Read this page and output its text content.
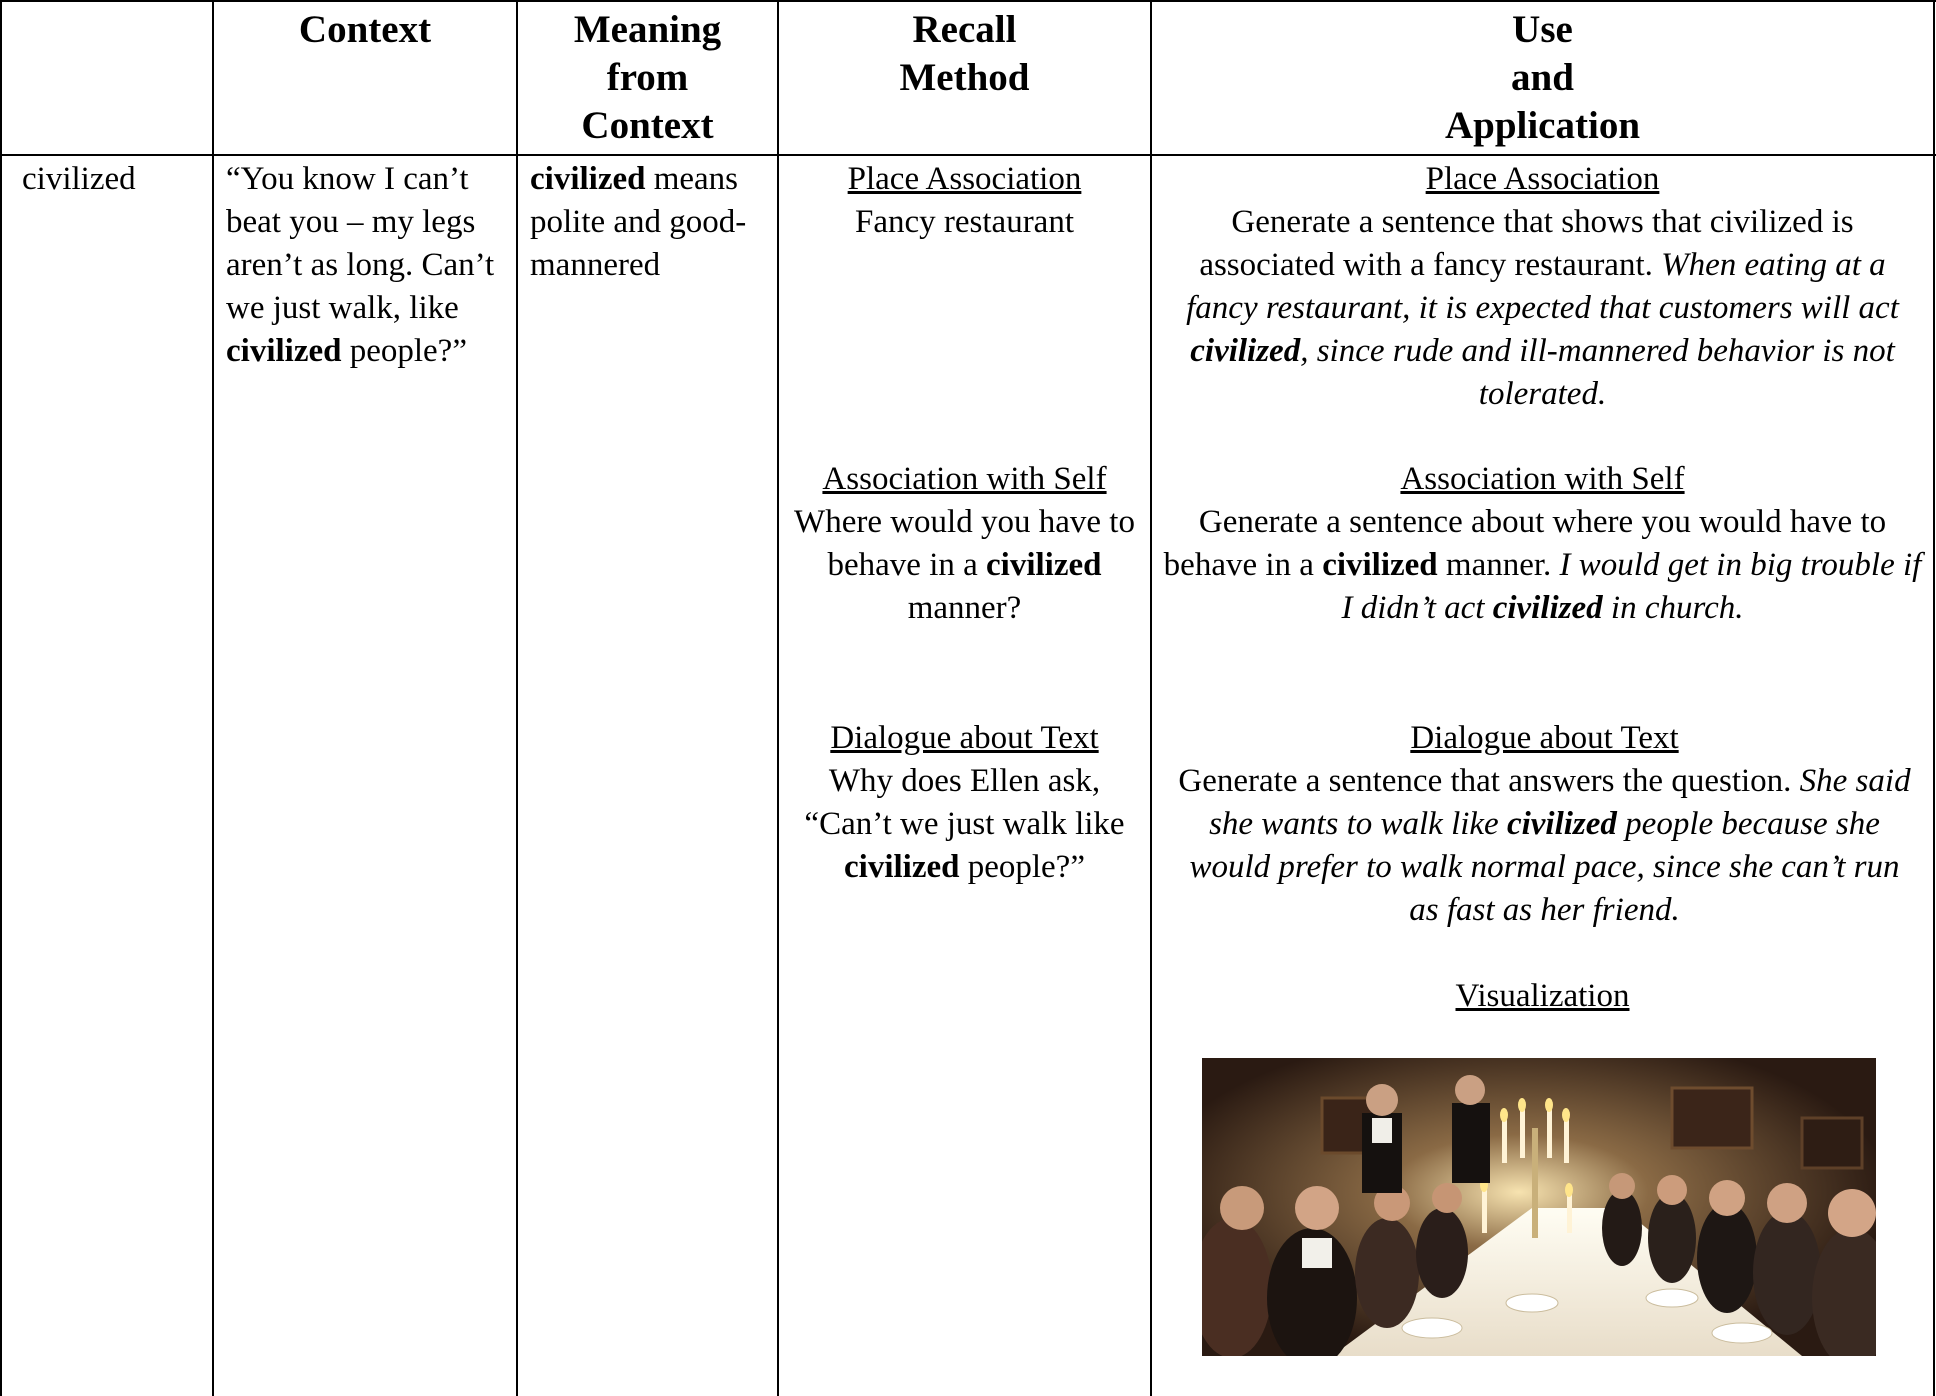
Context	Meaning
from
Context
Recall
Method
Use
and
Application
civilized	“You know I can’t beat you – my legs aren’t as long. Can’t we just walk, like civilized people?”

civilized means polite and good-mannered

Place Association
Fancy restaurant
Association with Self

Where would you have to behave in a civilized manner?

Dialogue about Text

Why does Ellen ask, “Can’t we just walk like civilized people?”

Place Association

Generate a sentence that shows that civilized is associated with a fancy restaurant. When eating at a fancy restaurant, it is expected that customers will act civilized, since rude and ill-mannered behavior is not tolerated.

Association with Self

Generate a sentence about where you would have to behave in a civilized manner. I would get in big trouble if I didn’t act civilized in church.

Dialogue about Text

Generate a sentence that answers the question. She said she wants to walk like civilized people because she would prefer to walk normal pace, since she can’t run as fast as her friend.

Visualization
